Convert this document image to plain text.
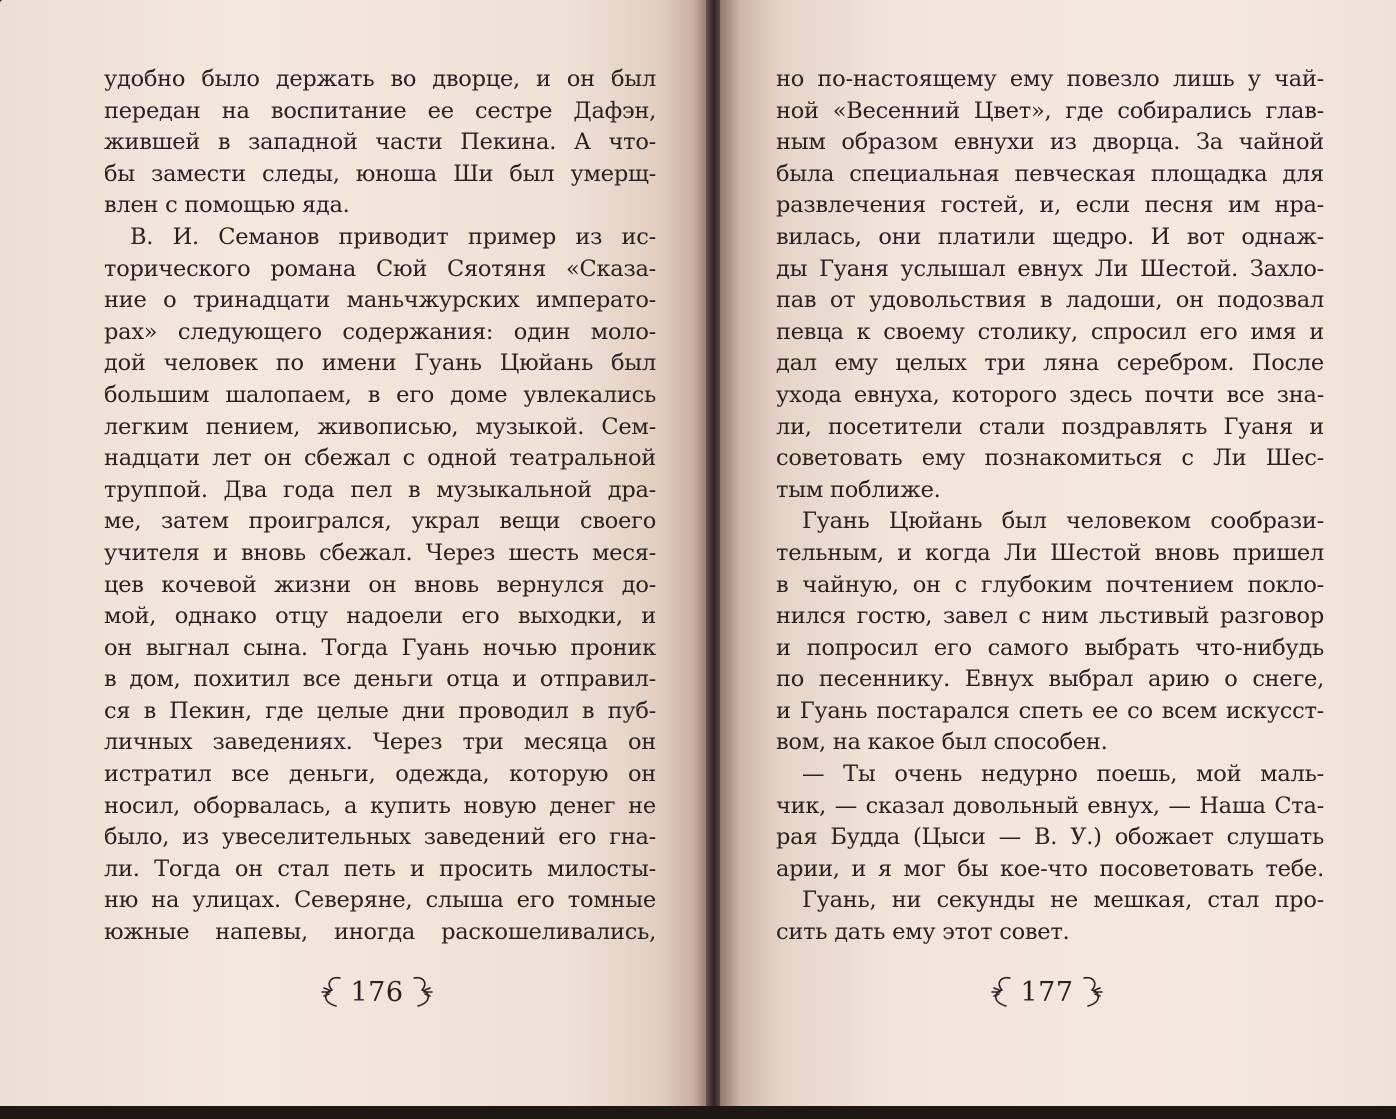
удобно было держать во дворце, и он был
передан на воспитание ее сестре Дафэн,
жившей в западной части Пекина. А что-
бы замести следы, юноша Ши был умерщ-
влен с помощью яда.
В. И. Семанов приводит пример из ис-
торического романа Сюй Сяотяня «Сказа-
ние о тринадцати маньчжурских императо-
рах» следующего содержания: один моло-
дой человек по имени Гуань Цюйань был
большим шалопаем, в его доме увлекались
легким пением, живописью, музыкой. Сем-
надцати лет он сбежал с одной театральной
труппой. Два года пел в музыкальной дра-
ме, затем проигрался, украл вещи своего
учителя и вновь сбежал. Через шесть меся-
цев кочевой жизни он вновь вернулся до-
мой, однако отцу надоели его выходки, и
он выгнал сына. Тогда Гуань ночью проник
в дом, похитил все деньги отца и отправил-
ся в Пекин, где целые дни проводил в пуб-
личных заведениях. Через три месяца он
истратил все деньги, одежда, которую он
носил, оборвалась, а купить новую денег не
было, из увеселительных заведений его гна-
ли. Тогда он стал петь и просить милосты-
ню на улицах. Северяне, слыша его томные
южные напевы, иногда раскошеливались,
176
но по-настоящему ему повезло лишь у чай-
ной «Весенний Цвет», где собирались глав-
ным образом евнухи из дворца. За чайной
была специальная певческая площадка для
развлечения гостей, и, если песня им нра-
вилась, они платили щедро. И вот однаж-
ды Гуаня услышал евнух Ли Шестой. Захло-
пав от удовольствия в ладоши, он подозвал
певца к своему столику, спросил его имя и
дал ему целых три ляна серебром. После
ухода евнуха, которого здесь почти все зна-
ли, посетители стали поздравлять Гуаня и
советовать ему познакомиться с Ли Шес-
тым поближе.
Гуань Цюйань был человеком сообрази-
тельным, и когда Ли Шестой вновь пришел
в чайную, он с глубоким почтением покло-
нился гостю, завел с ним льстивый разговор
и попросил его самого выбрать что-нибудь
по песеннику. Евнух выбрал арию о снеге,
и Гуань постарался спеть ее со всем искусст-
вом, на какое был способен.
— Ты очень недурно поешь, мой маль-
чик, — сказал довольный евнух, — Наша Ста-
рая Будда (Цыси — В. У.) обожает слушать
арии, и я мог бы кое-что посоветовать тебе.
Гуань, ни секунды не мешкая, стал про-
сить дать ему этот совет.
177
